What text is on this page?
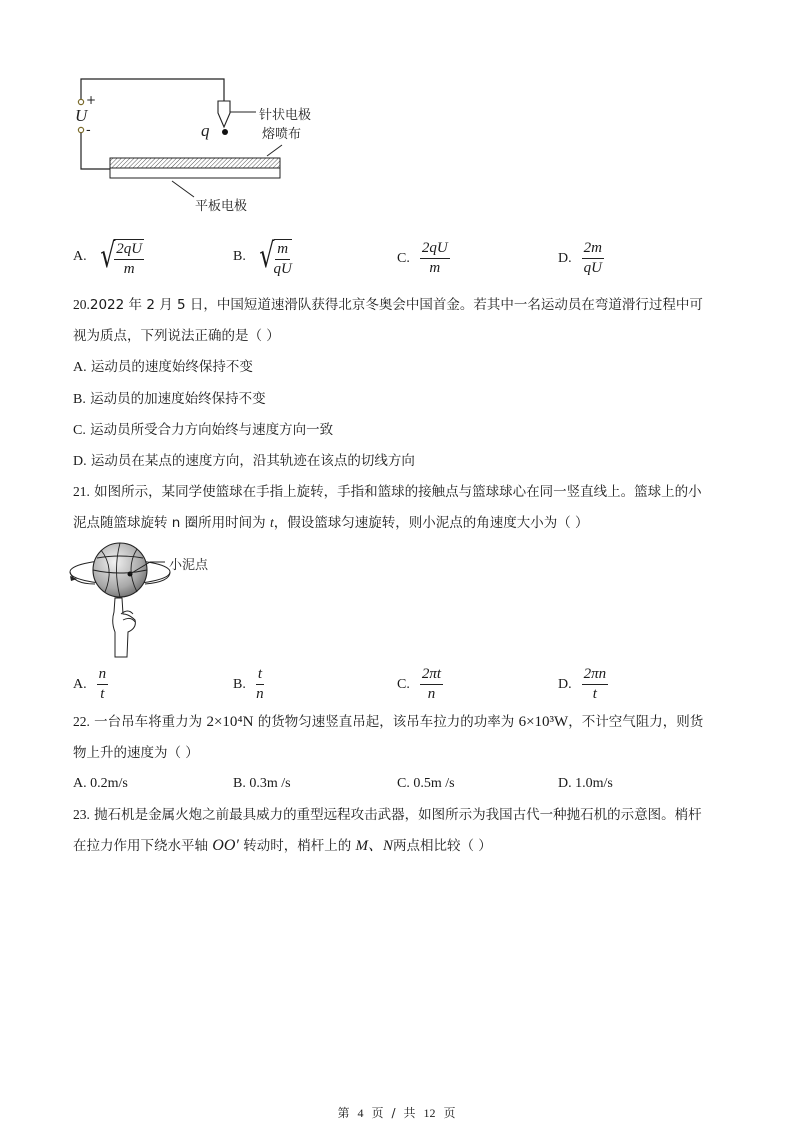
+
U
-	q
针状电极
熔喷布
平板电极
A. √ $\frac{2qU}{m}$	B. √ $\frac{m}{qU}$	C. $\frac{2qU}{m}$	D. $\frac{2m}{qU}$
20.2022 年 2 月 5 日，中国短道速滑队获得北京冬奥会中国首金。若其中一名运动员在弯道滑行过程中可
视为质点，下列说法正确的是（ ）
A. 运动员的速度始终保持不变
B. 运动员的加速度始终保持不变
C. 运动员所受合力方向始终与速度方向一致
D. 运动员在某点的速度方向，沿其轨迹在该点的切线方向
21. 如图所示，某同学使篮球在手指上旋转，手指和篮球的接触点与篮球球心在同一竖直线上。篮球上的小
泥点随篮球旋转 n 圈所用时间为 t，假设篮球匀速旋转，则小泥点的角速度大小为（ ）
小泥点
A. $\frac{n}{t}$	B. $\frac{t}{n}$	C. $\frac{2\pi t}{n}$	D. $\frac{2\pi n}{t}$
22. 一台吊车将重力为 2×10⁴N 的货物匀速竖直吊起，该吊车拉力的功率为 6×10³W，不计空气阻力，则货
物上升的速度为（ ）
A. 0.2m/s	B. 0.3m /s	C. 0.5m /s	D. 1.0m/s
23. 抛石机是金属火炮之前最具威力的重型远程攻击武器，如图所示为我国古代一种抛石机的示意图。梢杆
在拉力作用下绕水平轴 OO′ 转动时，梢杆上的 M、N两点相比较（ ）
第 4 页 / 共 12 页
